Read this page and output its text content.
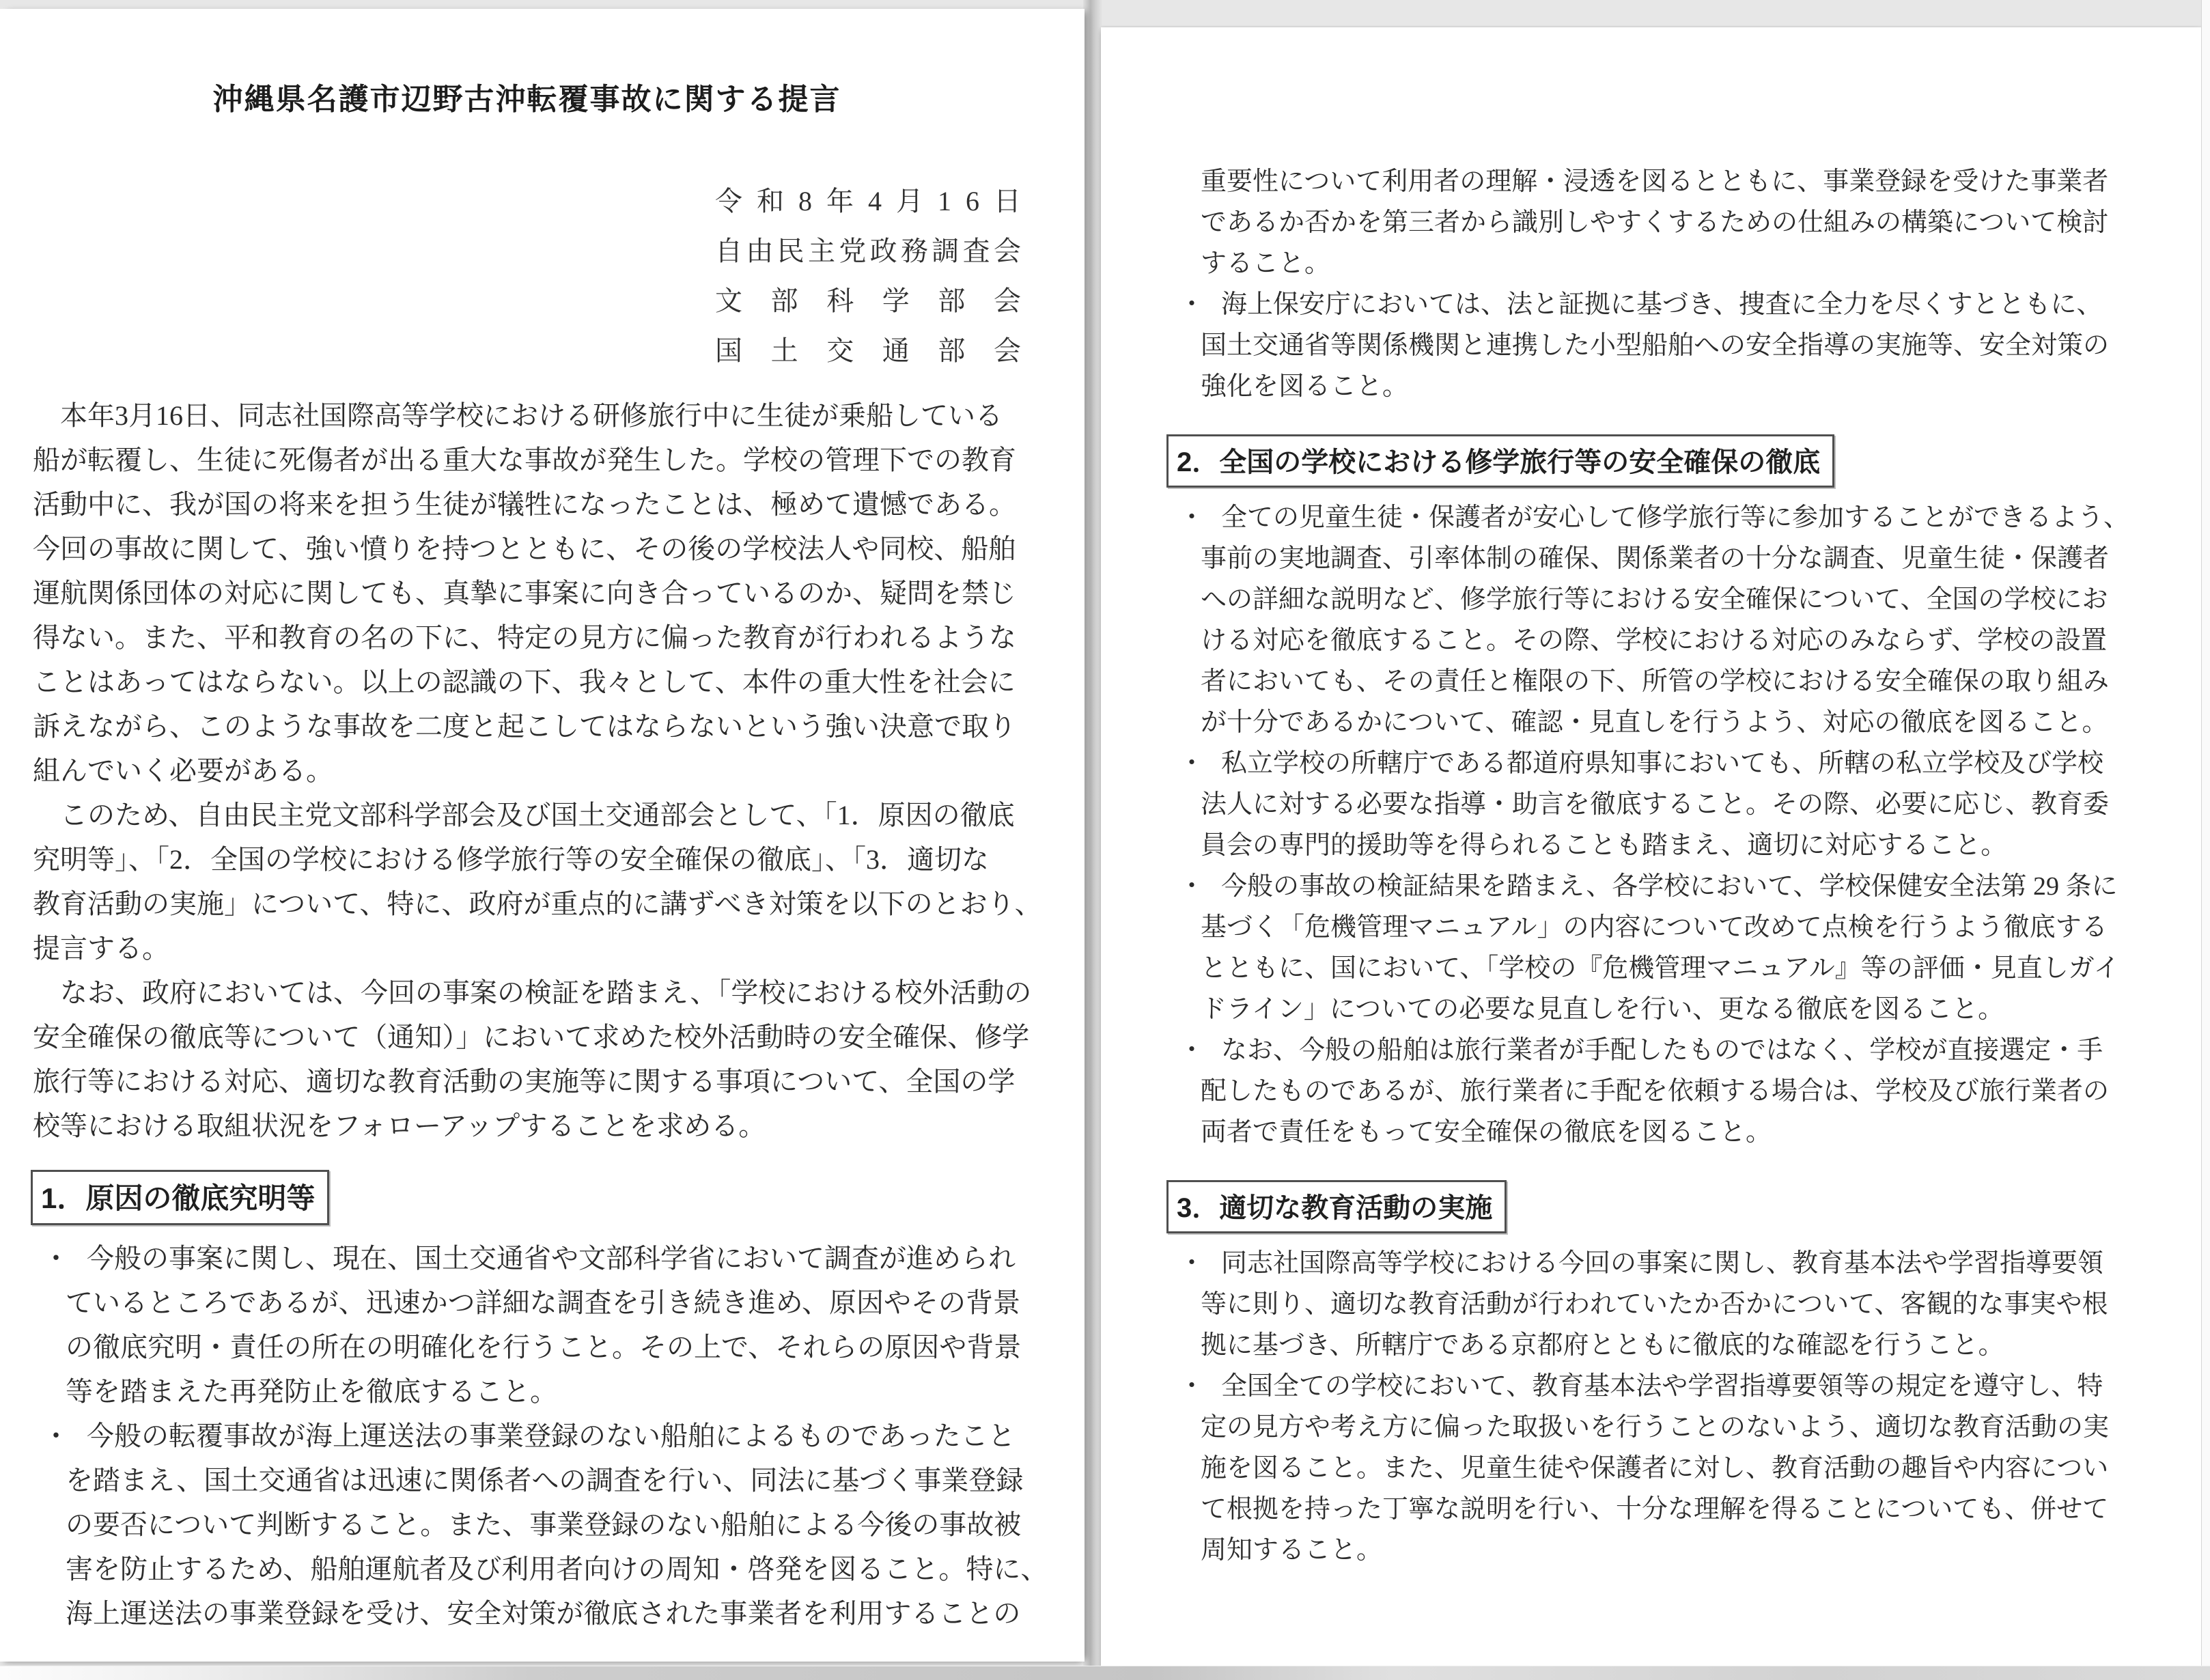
沖縄県名護市辺野古沖転覆事故に関する提言
令 和 8 年 4 月 1 6 日
自 由 民 主 党 政 務 調 査 会
文 部 科 学 部 会
国 土 交 通 部 会
　本年3月16日、同志社国際高等学校における研修旅行中に生徒が乗船している
船が転覆し、生徒に死傷者が出る重大な事故が発生した。学校の管理下での教育
活動中に、我が国の将来を担う生徒が犠牲になったことは、極めて遺憾である。
今回の事故に関して、強い憤りを持つとともに、その後の学校法人や同校、船舶
運航関係団体の対応に関しても、真摯に事案に向き合っているのか、疑問を禁じ
得ない。また、平和教育の名の下に、特定の見方に偏った教育が行われるような
ことはあってはならない。以上の認識の下、我々として、本件の重大性を社会に
訴えながら、このような事故を二度と起こしてはならないという強い決意で取り
組んでいく必要がある。
　このため、自由民主党文部科学部会及び国土交通部会として、「1．原因の徹底
究明等」、「2．全国の学校における修学旅行等の安全確保の徹底」、「3．適切な
教育活動の実施」について、特に、政府が重点的に講ずべき対策を以下のとおり、
提言する。
　なお、政府においては、今回の事案の検証を踏まえ、「学校における校外活動の
安全確保の徹底等について（通知）」において求めた校外活動時の安全確保、修学
旅行等における対応、適切な教育活動の実施等に関する事項について、全国の学
校等における取組状況をフォローアップすることを求める。
1．原因の徹底究明等
・ 今般の事案に関し、現在、国土交通省や文部科学省において調査が進められ
ているところであるが、迅速かつ詳細な調査を引き続き進め、原因やその背景
の徹底究明・責任の所在の明確化を行うこと。その上で、それらの原因や背景
等を踏まえた再発防止を徹底すること。
・ 今般の転覆事故が海上運送法の事業登録のない船舶によるものであったこと
を踏まえ、国土交通省は迅速に関係者への調査を行い、同法に基づく事業登録
の要否について判断すること。また、事業登録のない船舶による今後の事故被
害を防止するため、船舶運航者及び利用者向けの周知・啓発を図ること。特に、
海上運送法の事業登録を受け、安全対策が徹底された事業者を利用することの
重要性について利用者の理解・浸透を図るとともに、事業登録を受けた事業者
であるか否かを第三者から識別しやすくするための仕組みの構築について検討
すること。
・ 海上保安庁においては、法と証拠に基づき、捜査に全力を尽くすとともに、
国土交通省等関係機関と連携した小型船舶への安全指導の実施等、安全対策の
強化を図ること。
2．全国の学校における修学旅行等の安全確保の徹底
・ 全ての児童生徒・保護者が安心して修学旅行等に参加することができるよう、
事前の実地調査、引率体制の確保、関係業者の十分な調査、児童生徒・保護者
への詳細な説明など、修学旅行等における安全確保について、全国の学校にお
ける対応を徹底すること。その際、学校における対応のみならず、学校の設置
者においても、その責任と権限の下、所管の学校における安全確保の取り組み
が十分であるかについて、確認・見直しを行うよう、対応の徹底を図ること。
・ 私立学校の所轄庁である都道府県知事においても、所轄の私立学校及び学校
法人に対する必要な指導・助言を徹底すること。その際、必要に応じ、教育委
員会の専門的援助等を得られることも踏まえ、適切に対応すること。
・ 今般の事故の検証結果を踏まえ、各学校において、学校保健安全法第 29 条に
基づく「危機管理マニュアル」の内容について改めて点検を行うよう徹底する
とともに、国において、「学校の『危機管理マニュアル』等の評価・見直しガイ
ドライン」についての必要な見直しを行い、更なる徹底を図ること。
・ なお、今般の船舶は旅行業者が手配したものではなく、学校が直接選定・手
配したものであるが、旅行業者に手配を依頼する場合は、学校及び旅行業者の
両者で責任をもって安全確保の徹底を図ること。
3．適切な教育活動の実施
・ 同志社国際高等学校における今回の事案に関し、教育基本法や学習指導要領
等に則り、適切な教育活動が行われていたか否かについて、客観的な事実や根
拠に基づき、所轄庁である京都府とともに徹底的な確認を行うこと。
・ 全国全ての学校において、教育基本法や学習指導要領等の規定を遵守し、特
定の見方や考え方に偏った取扱いを行うことのないよう、適切な教育活動の実
施を図ること。また、児童生徒や保護者に対し、教育活動の趣旨や内容につい
て根拠を持った丁寧な説明を行い、十分な理解を得ることについても、併せて
周知すること。
